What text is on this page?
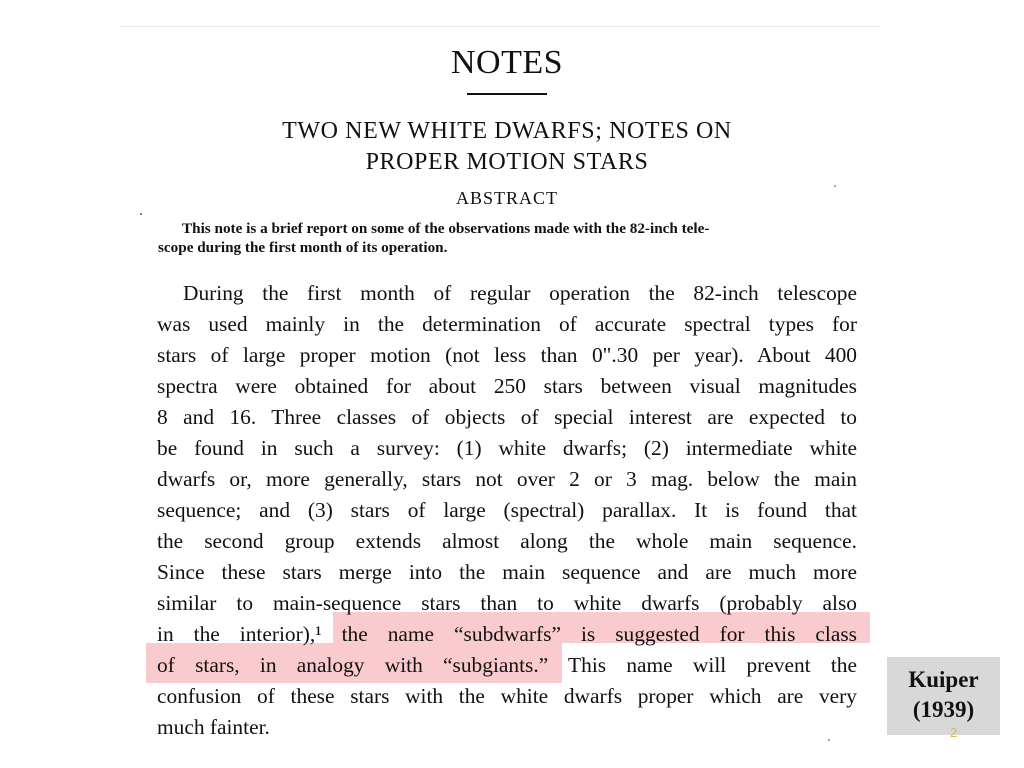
NOTES
TWO NEW WHITE DWARFS; NOTES ON
PROPER MOTION STARS
ABSTRACT
This note is a brief report on some of the observations made with the 82-inch tele-
scope during the first month of its operation.
During the first month of regular operation the 82-inch telescope
was used mainly in the determination of accurate spectral types for
stars of large proper motion (not less than 0".30 per year). About 400
spectra were obtained for about 250 stars between visual magnitudes
8 and 16. Three classes of objects of special interest are expected to
be found in such a survey: (1) white dwarfs; (2) intermediate white
dwarfs or, more generally, stars not over 2 or 3 mag. below the main
sequence; and (3) stars of large (spectral) parallax. It is found that
the second group extends almost along the whole main sequence.
Since these stars merge into the main sequence and are much more
similar to main-sequence stars than to white dwarfs (probably also
in the interior),¹ the name “subdwarfs” is suggested for this class
of stars, in analogy with “subgiants.” This name will prevent the
confusion of these stars with the white dwarfs proper which are very
much fainter.
Kuiper
(1939)
2
